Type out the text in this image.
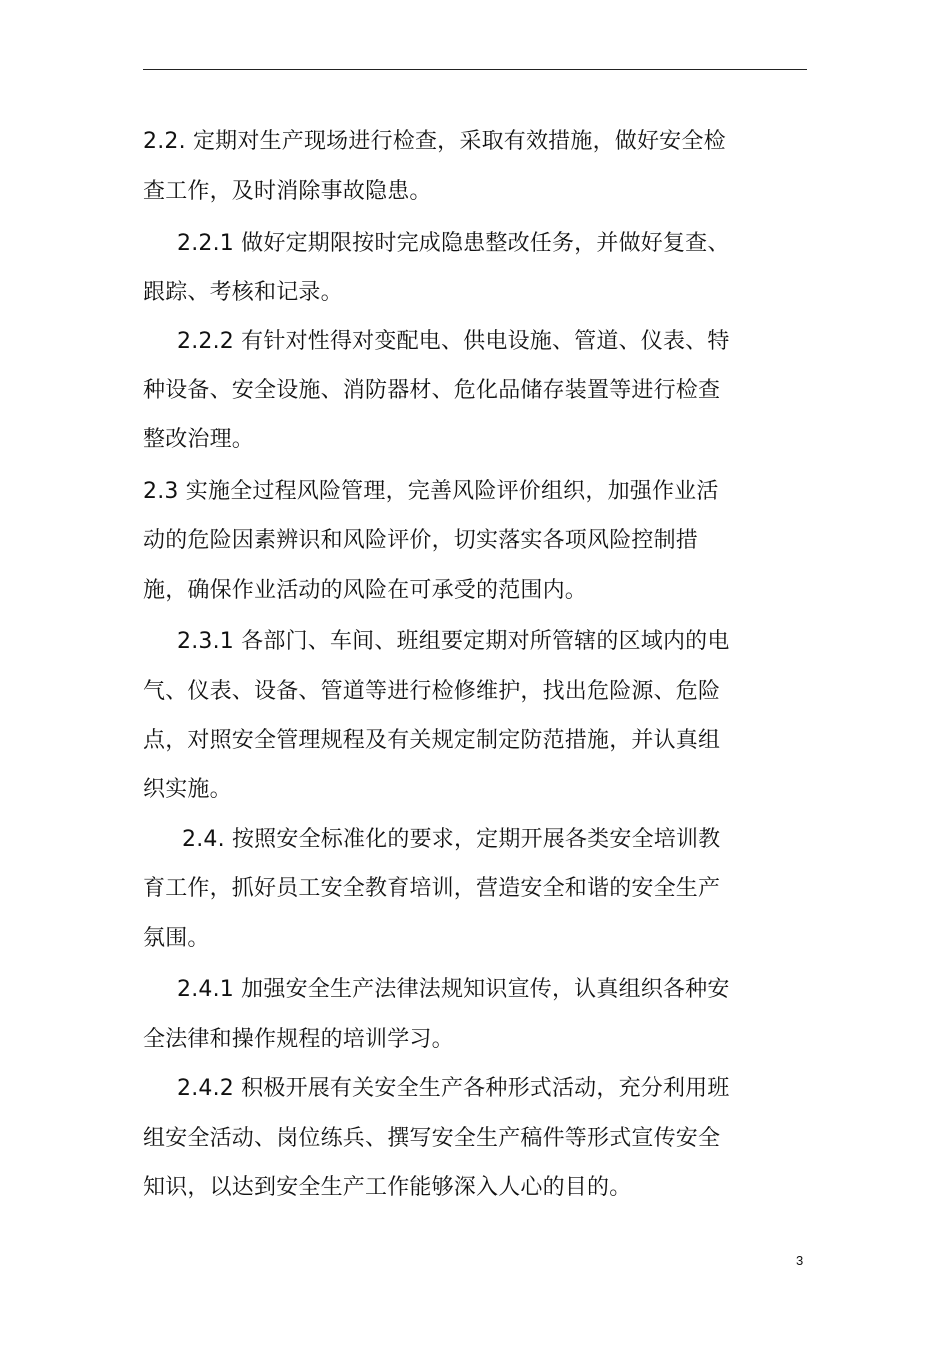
2.2. 定期对生产现场进行检查，采取有效措施，做好安全检
查工作，及时消除事故隐患。
2.2.1 做好定期限按时完成隐患整改任务，并做好复查、
跟踪、考核和记录。
2.2.2 有针对性得对变配电、供电设施、管道、仪表、特
种设备、安全设施、消防器材、危化品储存装置等进行检查
整改治理。
2.3 实施全过程风险管理，完善风险评价组织，加强作业活
动的危险因素辨识和风险评价，切实落实各项风险控制措
施，确保作业活动的风险在可承受的范围内。
2.3.1 各部门、车间、班组要定期对所管辖的区域内的电
气、仪表、设备、管道等进行检修维护，找出危险源、危险
点，对照安全管理规程及有关规定制定防范措施，并认真组
织实施。
2.4. 按照安全标准化的要求，定期开展各类安全培训教
育工作，抓好员工安全教育培训，营造安全和谐的安全生产
氛围。
2.4.1 加强安全生产法律法规知识宣传，认真组织各种安
全法律和操作规程的培训学习。
2.4.2 积极开展有关安全生产各种形式活动，充分利用班
组安全活动、岗位练兵、撰写安全生产稿件等形式宣传安全
知识，以达到安全生产工作能够深入人心的目的。
3
